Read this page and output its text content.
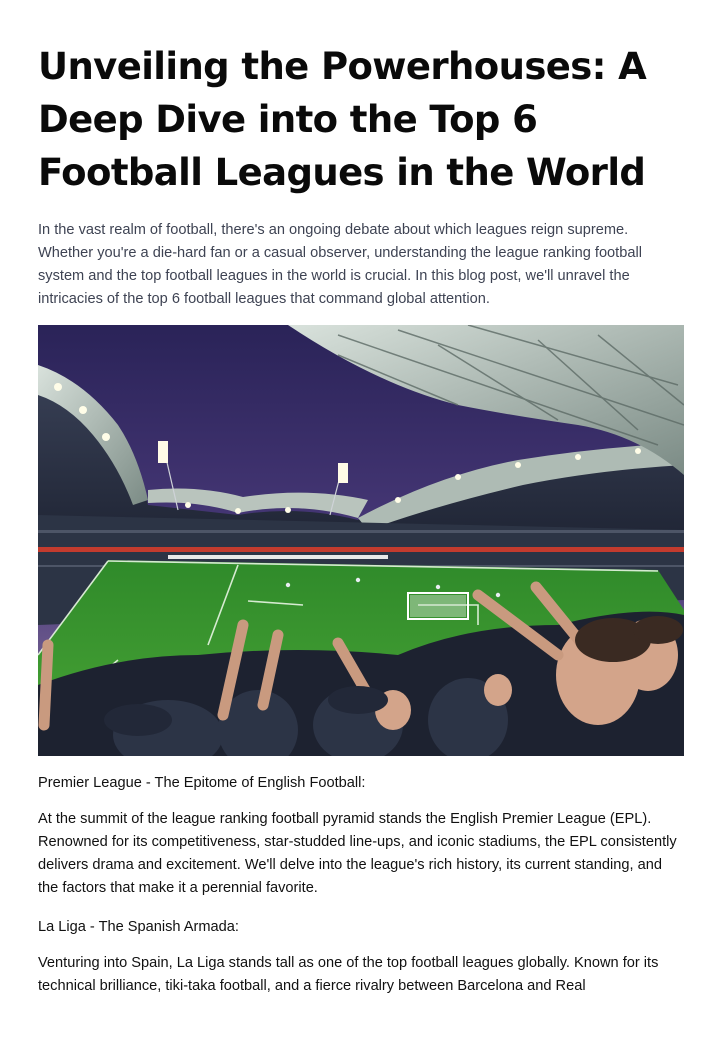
Unveiling the Powerhouses: A Deep Dive into the Top 6 Football Leagues in the World

In the vast realm of football, there's an ongoing debate about which leagues reign supreme. Whether you're a die-hard fan or a casual observer, understanding the league ranking football system and the top football leagues in the world is crucial. In this blog post, we'll unravel the intricacies of the top 6 football leagues that command global attention.

Premier League - The Epitome of English Football:

At the summit of the league ranking football pyramid stands the English Premier League (EPL). Renowned for its competitiveness, star-studded line-ups, and iconic stadiums, the EPL consistently delivers drama and excitement. We'll delve into the league's rich history, its current standing, and the factors that make it a perennial favorite.

La Liga - The Spanish Armada:

Venturing into Spain, La Liga stands tall as one of the top football leagues globally. Known for its technical brilliance, tiki-taka football, and a fierce rivalry between Barcelona and Real
